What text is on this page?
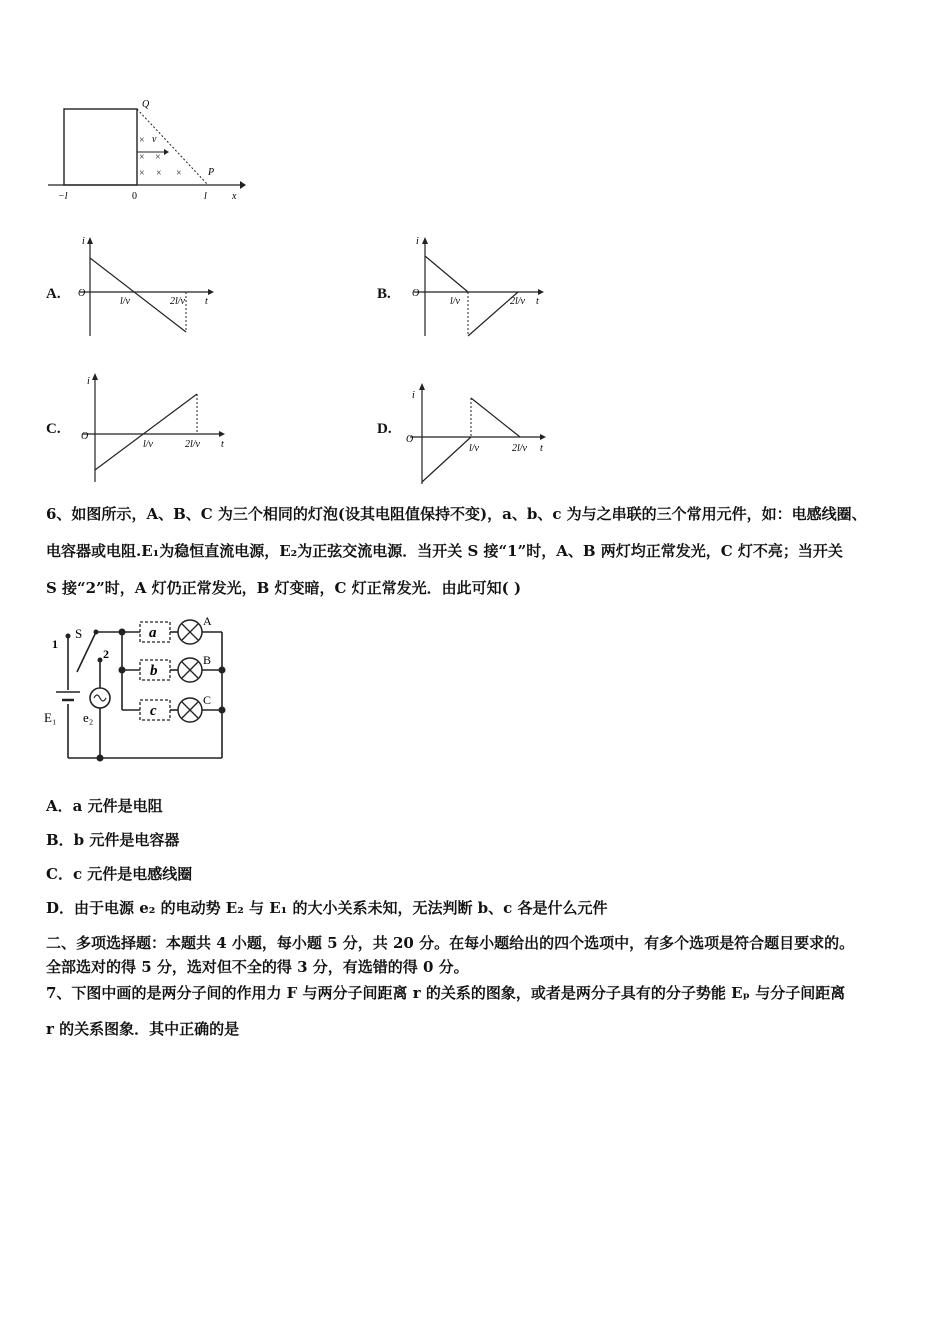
×
× ×
× × ×
Q
v
P
−l	0	l	x
A.
i
O
l/v	2l/v t	B.
i
O
l/v	2l/v t
C.
i
O
l/v	2l/v t
D.
i
O
l/v	2l/v t
6、如图所示，A、B、C 为三个相同的灯泡(设其电阻值保持不变)，a、b、c 为与之串联的三个常用元件，如：电感线圈、
电容器或电阻.E₁为稳恒直流电源，E₂为正弦交流电源．当开关 S 接“1”时，A、B 两灯均正常发光，C 灯不亮；当开关
S 接“2”时，A 灯仍正常发光，B 灯变暗，C 灯正常发光．由此可知( )
S
1
2
a
b
c
A
B
C
E₁ e₂
A．a 元件是电阻
B．b 元件是电容器
C．c 元件是电感线圈
D．由于电源 e₂ 的电动势 E₂ 与 E₁ 的大小关系未知，无法判断 b、c 各是什么元件
二、多项选择题：本题共 4 小题，每小题 5 分，共 20 分。在每小题给出的四个选项中，有多个选项是符合题目要求的。
全部选对的得 5 分，选对但不全的得 3 分，有选错的得 0 分。
7、下图中画的是两分子间的作用力 F 与两分子间距离 r 的关系的图象，或者是两分子具有的分子势能 Eₚ 与分子间距离
r 的关系图象．其中正确的是
